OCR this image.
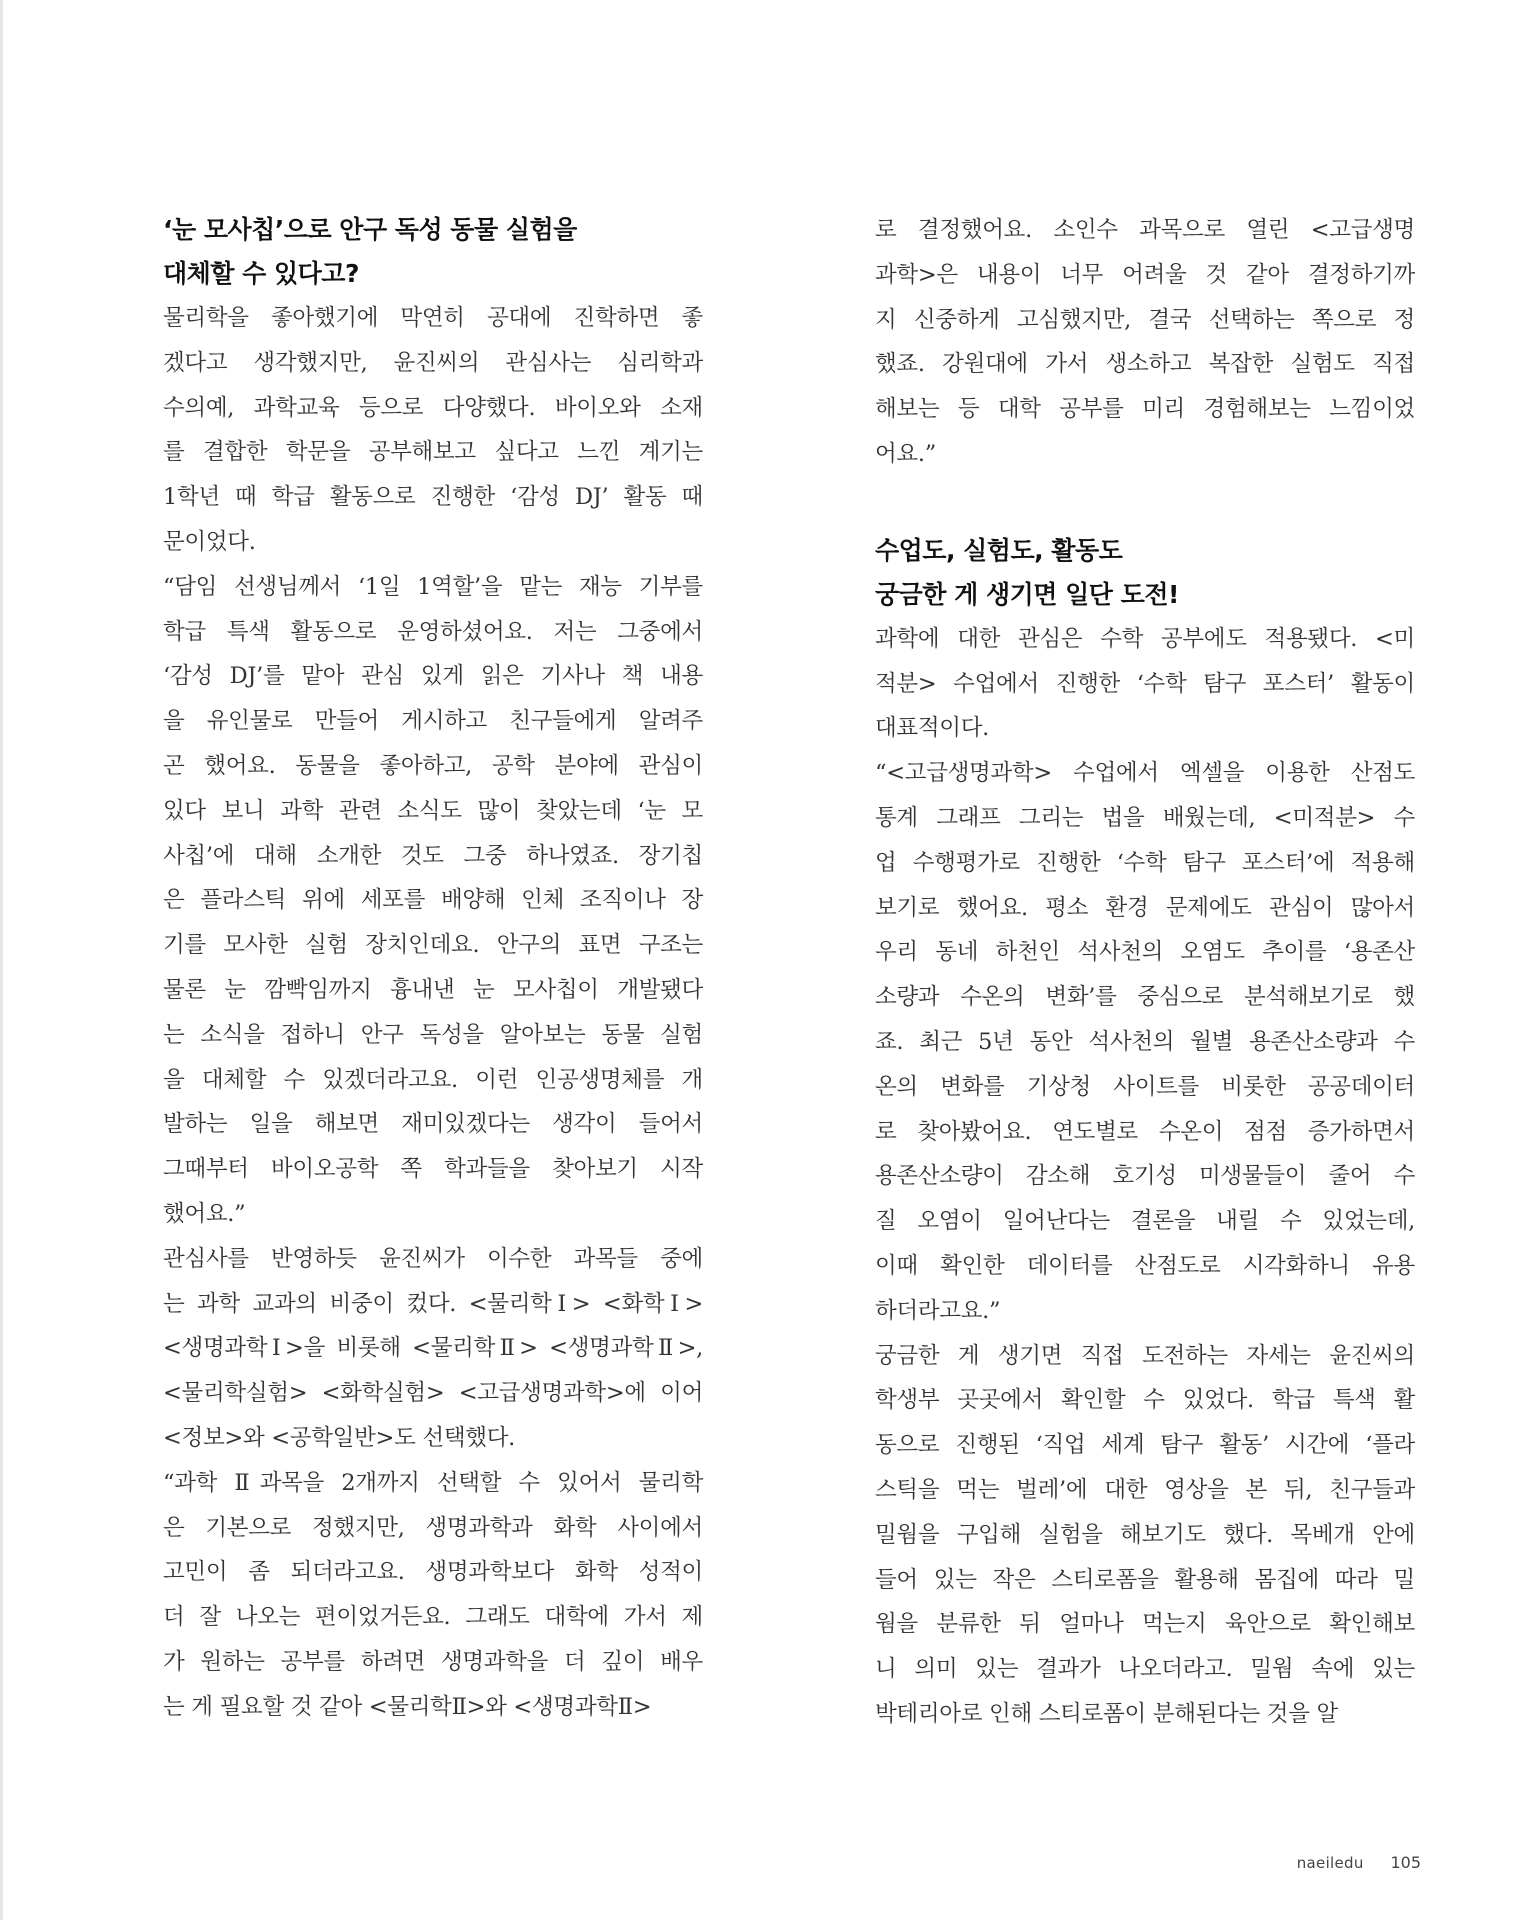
‘눈 모사칩’으로 안구 독성 동물 실험을
대체할 수 있다고?

물리학을 좋아했기에 막연히 공대에 진학하면 좋
겠다고 생각했지만, 윤진씨의 관심사는 심리학과
수의예, 과학교육 등으로 다양했다. 바이오와 소재
를 결합한 학문을 공부해보고 싶다고 느낀 계기는
1학년 때 학급 활동으로 진행한 ‘감성 DJ’ 활동 때
문이었다.

“담임 선생님께서 ‘1일 1역할’을 맡는 재능 기부를
학급 특색 활동으로 운영하셨어요. 저는 그중에서
‘감성 DJ’를 맡아 관심 있게 읽은 기사나 책 내용
을 유인물로 만들어 게시하고 친구들에게 알려주
곤 했어요. 동물을 좋아하고, 공학 분야에 관심이
있다 보니 과학 관련 소식도 많이 찾았는데 ‘눈 모
사칩’에 대해 소개한 것도 그중 하나였죠. 장기칩
은 플라스틱 위에 세포를 배양해 인체 조직이나 장
기를 모사한 실험 장치인데요. 안구의 표면 구조는
물론 눈 깜빡임까지 흉내낸 눈 모사칩이 개발됐다
는 소식을 접하니 안구 독성을 알아보는 동물 실험
을 대체할 수 있겠더라고요. 이런 인공생명체를 개
발하는 일을 해보면 재미있겠다는 생각이 들어서
그때부터 바이오공학 쪽 학과들을 찾아보기 시작
했어요.”

관심사를 반영하듯 윤진씨가 이수한 과목들 중에
는 과학 교과의 비중이 컸다. <물리학Ⅰ> <화학Ⅰ>
<생명과학Ⅰ>을 비롯해 <물리학Ⅱ> <생명과학Ⅱ>,
<물리학실험> <화학실험> <고급생명과학>에 이어
<정보>와 <공학일반>도 선택했다.

“과학 Ⅱ과목을 2개까지 선택할 수 있어서 물리학
은 기본으로 정했지만, 생명과학과 화학 사이에서
고민이 좀 되더라고요. 생명과학보다 화학 성적이
더 잘 나오는 편이었거든요. 그래도 대학에 가서 제
가 원하는 공부를 하려면 생명과학을 더 깊이 배우
는 게 필요할 것 같아 <물리학Ⅱ>와 <생명과학Ⅱ>

로 결정했어요. 소인수 과목으로 열린 <고급생명
과학>은 내용이 너무 어려울 것 같아 결정하기까
지 신중하게 고심했지만, 결국 선택하는 쪽으로 정
했죠. 강원대에 가서 생소하고 복잡한 실험도 직접
해보는 등 대학 공부를 미리 경험해보는 느낌이었
어요.”

수업도, 실험도, 활동도
궁금한 게 생기면 일단 도전!

과학에 대한 관심은 수학 공부에도 적용됐다. <미
적분> 수업에서 진행한 ‘수학 탐구 포스터’ 활동이
대표적이다.

“<고급생명과학> 수업에서 엑셀을 이용한 산점도
통계 그래프 그리는 법을 배웠는데, <미적분> 수
업 수행평가로 진행한 ‘수학 탐구 포스터’에 적용해
보기로 했어요. 평소 환경 문제에도 관심이 많아서
우리 동네 하천인 석사천의 오염도 추이를 ‘용존산
소량과 수온의 변화’를 중심으로 분석해보기로 했
죠. 최근 5년 동안 석사천의 월별 용존산소량과 수
온의 변화를 기상청 사이트를 비롯한 공공데이터
로 찾아봤어요. 연도별로 수온이 점점 증가하면서
용존산소량이 감소해 호기성 미생물들이 줄어 수
질 오염이 일어난다는 결론을 내릴 수 있었는데,
이때 확인한 데이터를 산점도로 시각화하니 유용
하더라고요.”

궁금한 게 생기면 직접 도전하는 자세는 윤진씨의
학생부 곳곳에서 확인할 수 있었다. 학급 특색 활
동으로 진행된 ‘직업 세계 탐구 활동’ 시간에 ‘플라
스틱을 먹는 벌레’에 대한 영상을 본 뒤, 친구들과
밀웜을 구입해 실험을 해보기도 했다. 목베개 안에
들어 있는 작은 스티로폼을 활용해 몸집에 따라 밀
웜을 분류한 뒤 얼마나 먹는지 육안으로 확인해보
니 의미 있는 결과가 나오더라고. 밀웜 속에 있는
박테리아로 인해 스티로폼이 분해된다는 것을 알

naeiledu 105
